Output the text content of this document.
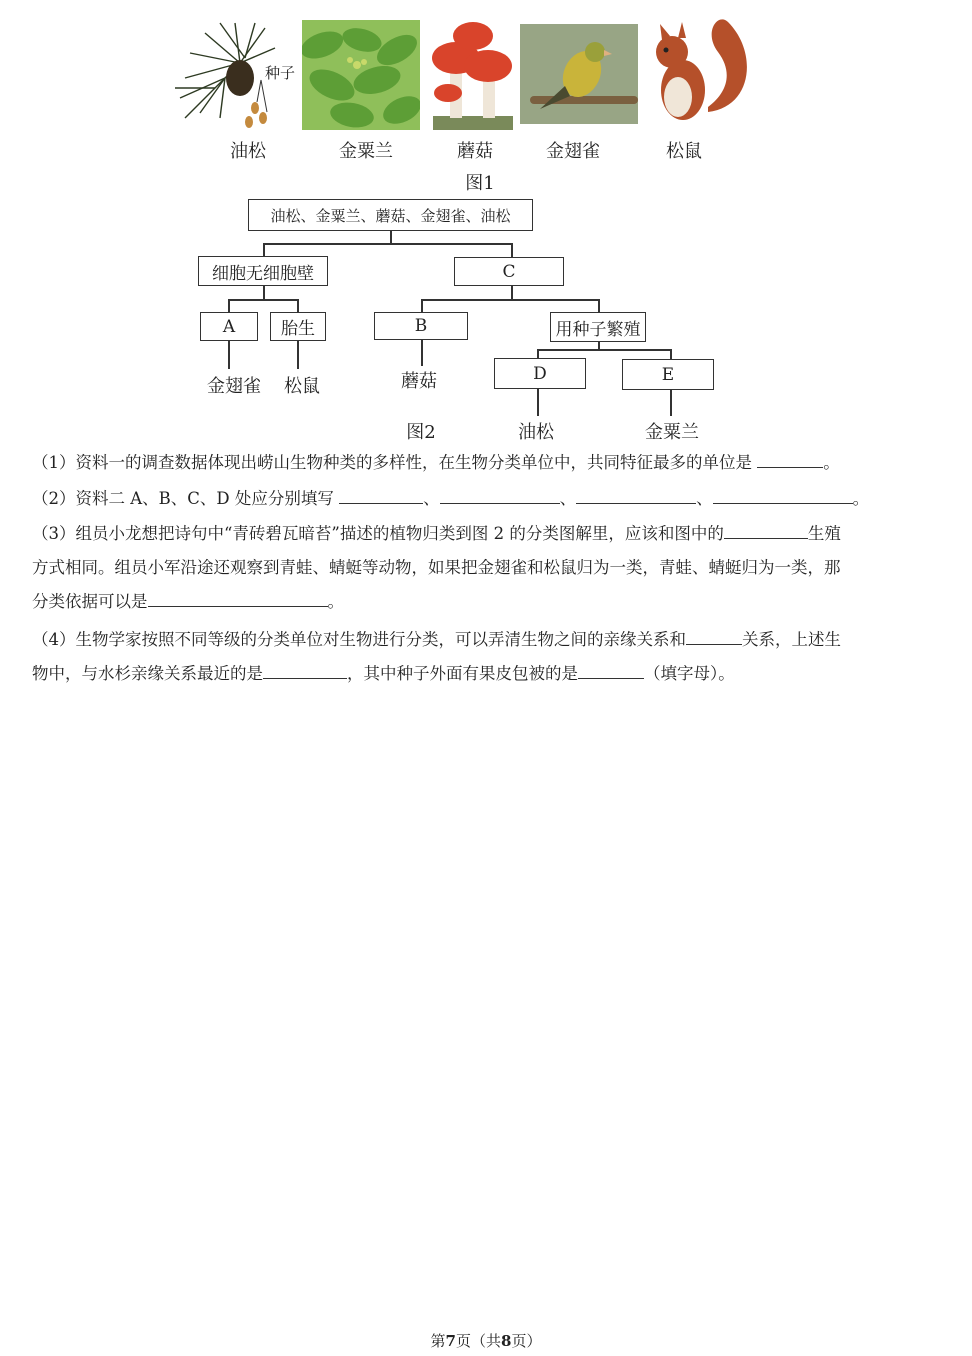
种子
油松	金粟兰	蘑菇	金翅雀	松鼠
图1
油松、金粟兰、蘑菇、金翅雀、油松
细胞无细胞壁	C
A	胎生	B	用种子繁殖
D	E
金翅雀	松鼠	蘑菇
图2	油松	金粟兰
（1）资料一的调查数据体现出崂山生物种类的多样性，在生物分类单位中，共同特征最多的单位是	。
（2）资料二 A、B、C、D 处应分别填写	、	、	、	。
（3）组员小龙想把诗句中“青砖碧瓦暗苔”描述的植物归类到图 2 的分类图解里，应该和图中的	生殖
方式相同。组员小军沿途还观察到青蛙、蜻蜓等动物，如果把金翅雀和松鼠归为一类，青蛙、蜻蜓归为一类，那
分类依据可以是	。
（4）生物学家按照不同等级的分类单位对生物进行分类，可以弄清生物之间的亲缘关系和	关系，上述生
物中，与水杉亲缘关系最近的是	，其中种子外面有果皮包被的是	（填字母）。
第7页（共8页）
